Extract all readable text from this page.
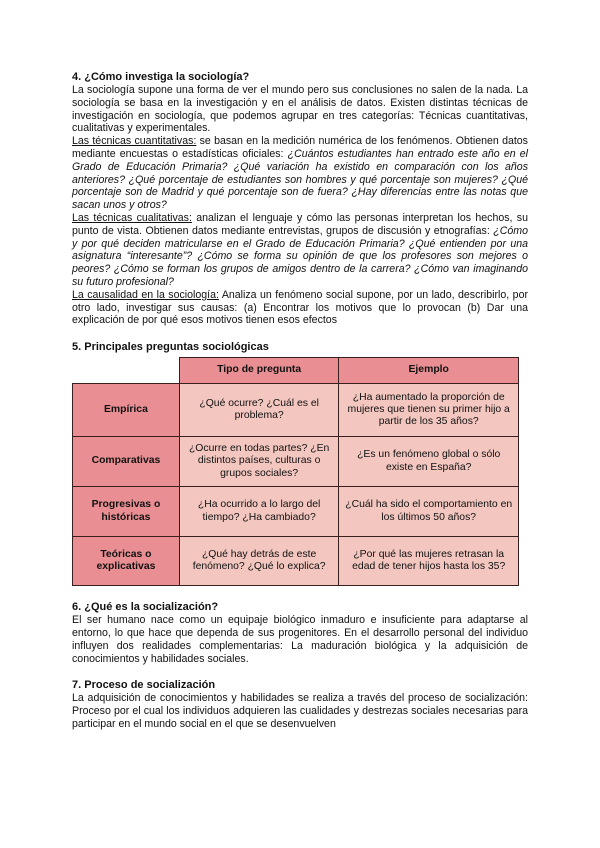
4. ¿Cómo investiga la sociología?

La sociología supone una forma de ver el mundo pero sus conclusiones no salen de la nada. La sociología se basa en la investigación y en el análisis de datos. Existen distintas técnicas de investigación en sociología, que podemos agrupar en tres categorías: Técnicas cuantitativas, cualitativas y experimentales.

Las técnicas cuantitativas: se basan en la medición numérica de los fenómenos. Obtienen datos mediante encuestas o estadísticas oficiales: ¿Cuántos estudiantes han entrado este año en el Grado de Educación Primaria? ¿Qué variación ha existido en comparación con los años anteriores? ¿Qué porcentaje de estudiantes son hombres y qué porcentaje son mujeres? ¿Qué porcentaje son de Madrid y qué porcentaje son de fuera? ¿Hay diferencias entre las notas que sacan unos y otros?

Las técnicas cualitativas: analizan el lenguaje y cómo las personas interpretan los hechos, su punto de vista. Obtienen datos mediante entrevistas, grupos de discusión y etnografías: ¿Cómo y por qué deciden matricularse en el Grado de Educación Primaria? ¿Qué entienden por una asignatura “interesante”? ¿Cómo se forma su opinión de que los profesores son mejores o peores? ¿Cómo se forman los grupos de amigos dentro de la carrera? ¿Cómo van imaginando su futuro profesional?

La causalidad en la sociología: Analiza un fenómeno social supone, por un lado, describirlo, por otro lado, investigar sus causas: (a) Encontrar los motivos que lo provocan (b) Dar una explicación de por qué esos motivos tienen esos efectos

5. Principales preguntas sociológicas

	Tipo de pregunta	Ejemplo
Empírica	¿Qué ocurre? ¿Cuál es el problema?	¿Ha aumentado la proporción de mujeres que tienen su primer hijo a partir de los 35 años?
Comparativas	¿Ocurre en todas partes? ¿En distintos países, culturas o grupos sociales?	¿Es un fenómeno global o sólo existe en España?
Progresivas o históricas	¿Ha ocurrido a lo largo del tiempo? ¿Ha cambiado?	¿Cuál ha sido el comportamiento en los últimos 50 años?
Teóricas o explicativas	¿Qué hay detrás de este fenómeno? ¿Qué lo explica?	¿Por qué las mujeres retrasan la edad de tener hijos hasta los 35?

6. ¿Qué es la socialización?

El ser humano nace como un equipaje biológico inmaduro e insuficiente para adaptarse al entorno, lo que hace que dependa de sus progenitores. En el desarrollo personal del individuo influyen dos realidades complementarias: La maduración biológica y la adquisición de conocimientos y habilidades sociales.

7. Proceso de socialización

La adquisición de conocimientos y habilidades se realiza a través del proceso de socialización: Proceso por el cual los individuos adquieren las cualidades y destrezas sociales necesarias para participar en el mundo social en el que se desenvuelven
